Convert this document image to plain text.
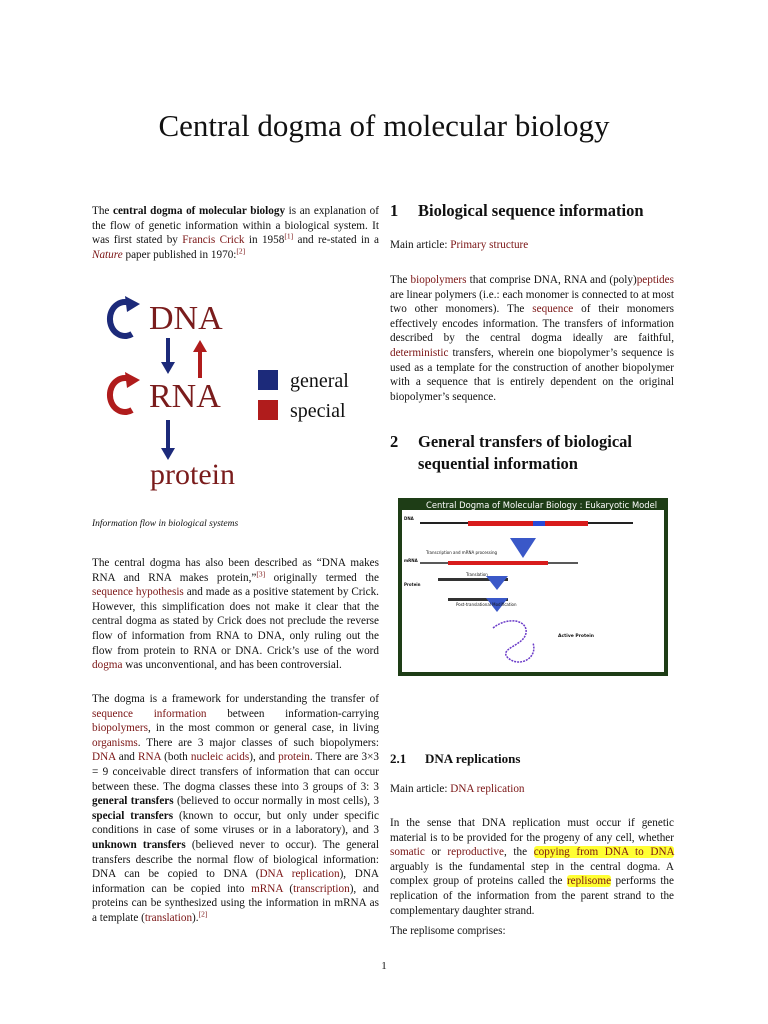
Central dogma of molecular biology

The central dogma of molecular biology is an explanation of the flow of genetic information within a biological system. It was first stated by Francis Crick in 1958[1] and re-stated in a Nature paper published in 1970:[2]

DNA
RNA
protein
general
special
Information flow in biological systems

The central dogma has also been described as “DNA makes RNA and RNA makes protein,”[3] originally termed the sequence hypothesis and made as a positive statement by Crick. However, this simplification does not make it clear that the central dogma as stated by Crick does not preclude the reverse flow of information from RNA to DNA, only ruling out the flow from protein to RNA or DNA. Crick’s use of the word dogma was unconventional, and has been controversial.

The dogma is a framework for understanding the transfer of sequence information between information-carrying biopolymers, in the most common or general case, in living organisms. There are 3 major classes of such biopolymers: DNA and RNA (both nucleic acids), and protein. There are 3×3 = 9 conceivable direct transfers of information that can occur between these. The dogma classes these into 3 groups of 3: 3 general transfers (believed to occur normally in most cells), 3 special transfers (known to occur, but only under specific conditions in case of some viruses or in a laboratory), and 3 unknown transfers (believed never to occur). The general transfers describe the normal flow of biological information: DNA can be copied to DNA (DNA replication), DNA information can be copied into mRNA (transcription), and proteins can be synthesized using the information in mRNA as a template (translation).[2]

1 Biological sequence information

Main article: Primary structure

The biopolymers that comprise DNA, RNA and (poly)peptides are linear polymers (i.e.: each monomer is connected to at most two other monomers). The sequence of their monomers effectively encodes information. The transfers of information described by the central dogma ideally are faithful, deterministic transfers, wherein one biopolymer’s sequence is used as a template for the construction of another biopolymer with a sequence that is entirely dependent on the original biopolymer’s sequence.

2	General transfers of biological sequential information
Central Dogma of Molecular Biology : Eukaryotic Model
DNA
mRNA
Protein
Transcription and mRNA processing
Translation
Post-translational Modification
Active Protein
2.1 DNA replications

Main article: DNA replication

In the sense that DNA replication must occur if genetic material is to be provided for the progeny of any cell, whether somatic or reproductive, the copying from DNA to DNA arguably is the fundamental step in the central dogma. A complex group of proteins called the replisome performs the replication of the information from the parent strand to the complementary daughter strand.

The replisome comprises:
1
